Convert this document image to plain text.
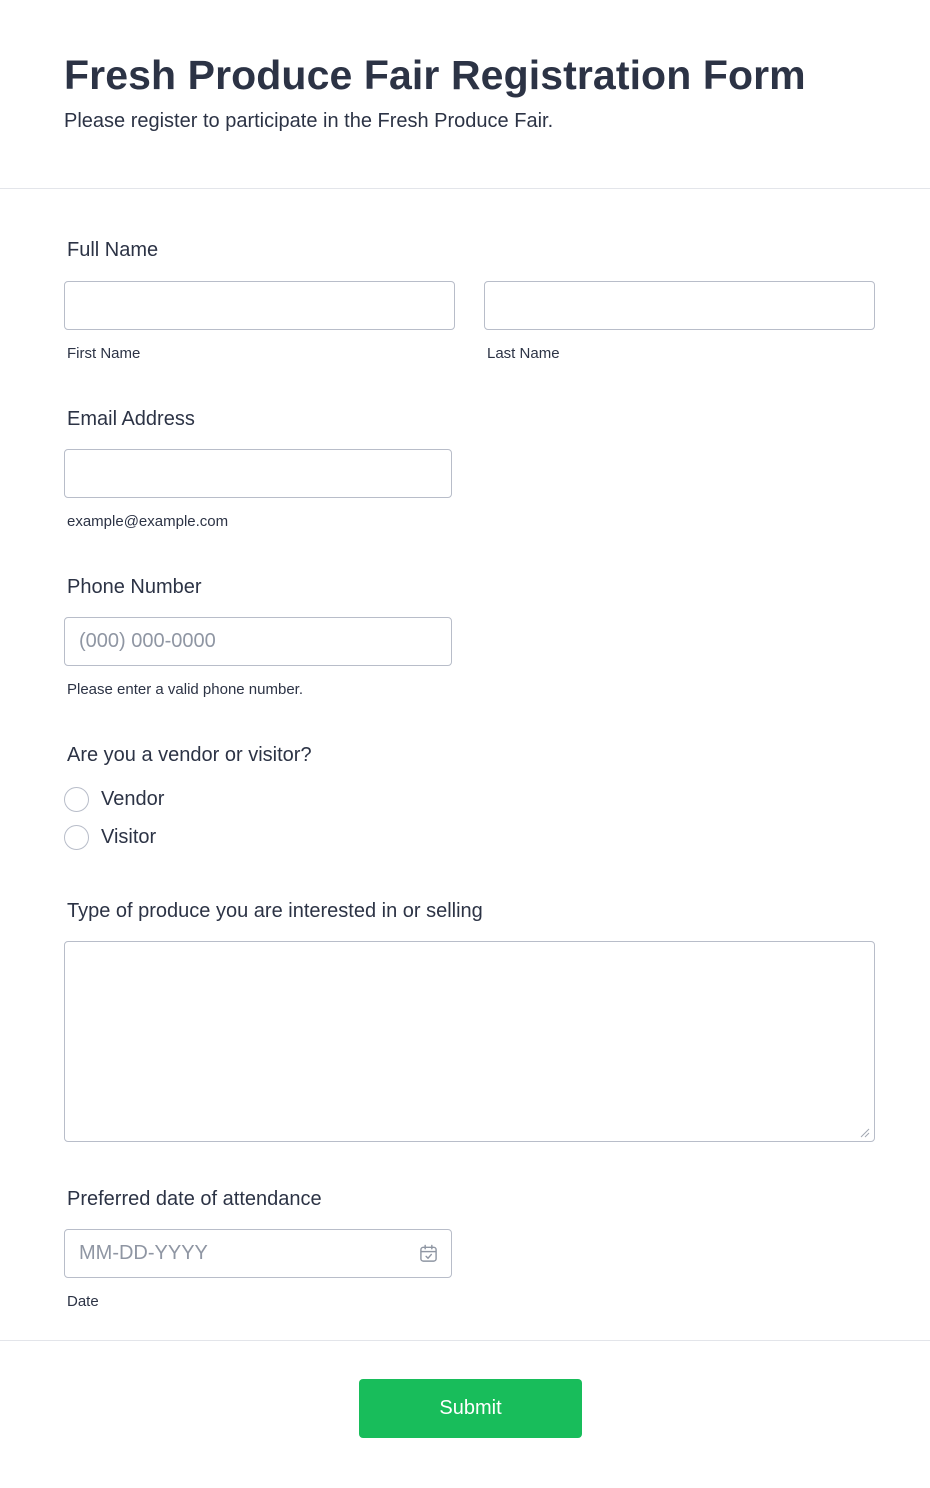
Fresh Produce Fair Registration Form

Please register to participate in the Fresh Produce Fair.

Full Name
First Name	Last Name
Email Address
example@example.com
Phone Number
(000) 000-0000
Please enter a valid phone number.
Are you a vendor or visitor?
Vendor
Visitor
Type of produce you are interested in or selling
Preferred date of attendance
MM-DD-YYYY
Date
Submit
